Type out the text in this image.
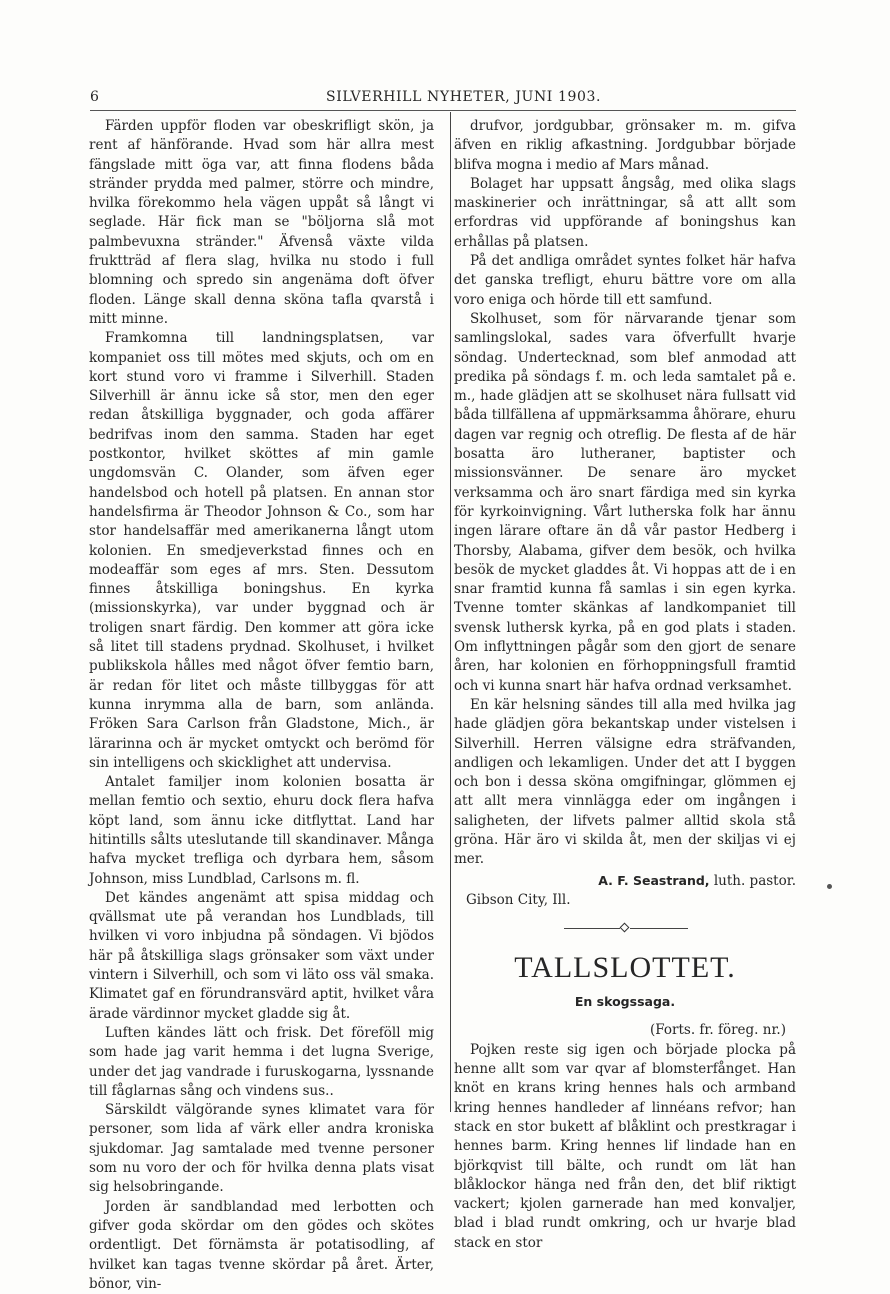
6	SILVERHILL NYHETER, JUNI 1903.

Färden uppför floden var obeskrifligt skön, ja rent af hänförande. Hvad som här allra mest fängslade mitt öga var, att finna flodens båda stränder prydda med palmer, större och mindre, hvilka förekommo hela vägen uppåt så långt vi seglade. Här fick man se "böljorna slå mot palmbevuxna stränder." Äfvenså växte vilda fruktträd af flera slag, hvilka nu stodo i full blomning och spredo sin angenäma doft öfver floden. Länge skall denna sköna tafla qvarstå i mitt minne.

Framkomna till landningsplatsen, var kompaniet oss till mötes med skjuts, och om en kort stund voro vi framme i Silverhill. Staden Silverhill är ännu icke så stor, men den eger redan åtskilliga byggnader, och goda affärer bedrifvas inom den samma. Staden har eget postkontor, hvilket sköttes af min gamle ungdomsvän C. Olander, som äfven eger handelsbod och hotell på platsen. En annan stor handelsfirma är Theodor Johnson & Co., som har stor handelsaffär med amerikanerna långt utom kolonien. En smedjeverkstad finnes och en modeaffär som eges af mrs. Sten. Dessutom finnes åtskilliga boningshus. En kyrka (missionskyrka), var under byggnad och är troligen snart färdig. Den kommer att göra icke så litet till stadens prydnad. Skolhuset, i hvilket publikskola hålles med något öfver femtio barn, är redan för litet och måste tillbyggas för att kunna inrymma alla de barn, som anlända. Fröken Sara Carlson från Gladstone, Mich., är lärarinna och är mycket omtyckt och berömd för sin intelligens och skicklighet att undervisa.

Antalet familjer inom kolonien bosatta är mellan femtio och sextio, ehuru dock flera hafva köpt land, som ännu icke ditflyttat. Land har hitintills sålts uteslutande till skandinaver. Många hafva mycket trefliga och dyrbara hem, såsom Johnson, miss Lundblad, Carlsons m. fl.

Det kändes angenämt att spisa middag och qvällsmat ute på verandan hos Lundblads, till hvilken vi voro inbjudna på söndagen. Vi bjödos här på åtskilliga slags grönsaker som växt under vintern i Silverhill, och som vi läto oss väl smaka. Klimatet gaf en förundransvärd aptit, hvilket våra ärade värdinnor mycket gladde sig åt.

Luften kändes lätt och frisk. Det föreföll mig som hade jag varit hemma i det lugna Sverige, under det jag vandrade i furuskogarna, lyssnande till fåglarnas sång och vindens sus..

Särskildt välgörande synes klimatet vara för personer, som lida af värk eller andra kroniska sjukdomar. Jag samtalade med tvenne personer som nu voro der och för hvilka denna plats visat sig helsobringande.

Jorden är sandblandad med lerbotten och gifver goda skördar om den gödes och skötes ordentligt. Det förnämsta är potatisodling, af hvilket kan tagas tvenne skördar på året. Ärter, bönor, vin-

drufvor, jordgubbar, grönsaker m. m. gifva äfven en riklig afkastning. Jordgubbar började blifva mogna i medio af Mars månad.

Bolaget har uppsatt ångsåg, med olika slags maskinerier och inrättningar, så att allt som erfordras vid uppförande af boningshus kan erhållas på platsen.

På det andliga området syntes folket här hafva det ganska trefligt, ehuru bättre vore om alla voro eniga och hörde till ett samfund.

Skolhuset, som för närvarande tjenar som samlingslokal, sades vara öfverfullt hvarje söndag. Undertecknad, som blef anmodad att predika på söndags f. m. och leda samtalet på e. m., hade glädjen att se skolhuset nära fullsatt vid båda tillfällena af uppmärksamma åhörare, ehuru dagen var regnig och otreflig. De flesta af de här bosatta äro lutheraner, baptister och missionsvänner. De senare äro mycket verksamma och äro snart färdiga med sin kyrka för kyrkoinvigning. Vårt lutherska folk har ännu ingen lärare oftare än då vår pastor Hedberg i Thorsby, Alabama, gifver dem besök, och hvilka besök de mycket gladdes åt. Vi hoppas att de i en snar framtid kunna få samlas i sin egen kyrka. Tvenne tomter skänkas af landkompaniet till svensk luthersk kyrka, på en god plats i staden. Om inflyttningen pågår som den gjort de senare åren, har kolonien en förhoppningsfull framtid och vi kunna snart här hafva ordnad verksamhet.

En kär helsning sändes till alla med hvilka jag hade glädjen göra bekantskap under vistelsen i Silverhill. Herren välsigne edra sträfvanden, andligen och lekamligen. Under det att I byggen och bon i dessa sköna omgifningar, glömmen ej att allt mera vinnlägga eder om ingången i saligheten, der lifvets palmer alltid skola stå gröna. Här äro vi skilda åt, men der skiljas vi ej mer.

A. F. Seastrand, luth. pastor.
Gibson City, Ill.
TALLSLOTTET.
En skogssaga.
(Forts. fr. föreg. nr.)

Pojken reste sig igen och började plocka på henne allt som var qvar af blomsterfånget. Han knöt en krans kring hennes hals och armband kring hennes handleder af linnéans refvor; han stack en stor bukett af blåklint och prestkragar i hennes barm. Kring hennes lif lindade han en björkqvist till bälte, och rundt om lät han blåklockor hänga ned från den, det blif riktigt vackert; kjolen garnerade han med konvaljer, blad i blad rundt omkring, och ur hvarje blad stack en stor
